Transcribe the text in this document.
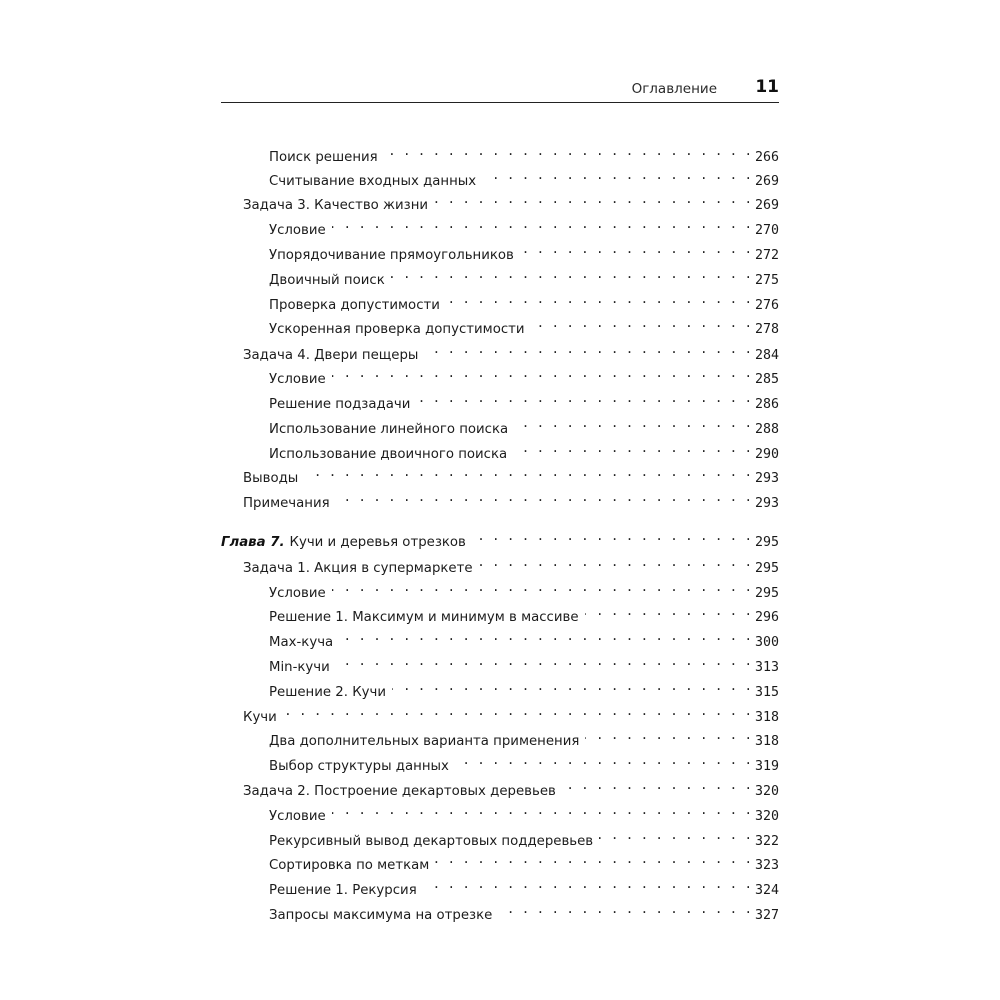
Оглавление 11
Поиск решения . . .	266
Считывание входных данных . . .	269
Задача 3. Качество жизни . . .	269
Условие . . .	270
Упорядочивание прямоугольников . . .	272
Двоичный поиск . . .	275
Проверка допустимости . . .	276
Ускоренная проверка допустимости . . .	278
Задача 4. Двери пещеры . . .	284
Условие . . .	285
Решение подзадачи . . .	286
Использование линейного поиска . . .	288
Использование двоичного поиска . . .	290
Выводы . . .	293
Примечания . . .	293
Глава 7. Кучи и деревья отрезков . . .	295
Задача 1. Акция в супермаркете . . .	295
Условие . . .	295
Решение 1. Максимум и минимум в массиве . . .	296
Max-куча . . .	300
Min-кучи . . .	313
Решение 2. Кучи . . .	315
Кучи . . .	318
Два дополнительных варианта применения . . .	318
Выбор структуры данных . . .	319
Задача 2. Построение декартовых деревьев . . .	320
Условие . . .	320
Рекурсивный вывод декартовых поддеревьев . . .	322
Сортировка по меткам . . .	323
Решение 1. Рекурсия . . .	324
Запросы максимума на отрезке . . .	327
